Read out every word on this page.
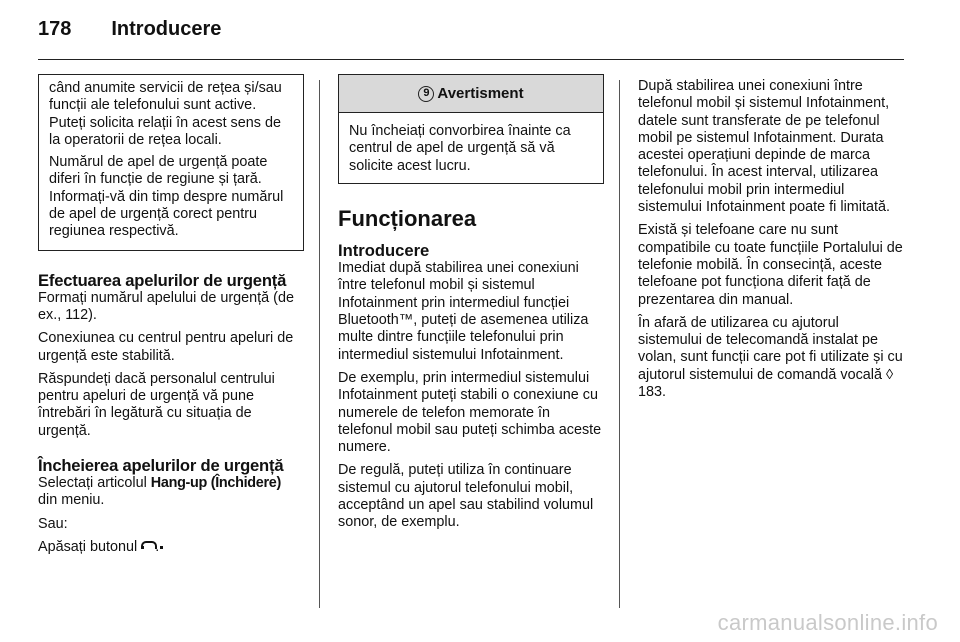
178 Introducere

când anumite servicii de rețea și/sau funcții ale telefonului sunt active. Puteți solicita relații în acest sens de la operatorii de rețea locali.

Numărul de apel de urgență poate diferi în funcție de regiune și țară. Informați-vă din timp despre numărul de apel de urgență corect pentru regiunea respectivă.

Efectuarea apelurilor de urgență

Formați numărul apelului de urgență (de ex., 112).

Conexiunea cu centrul pentru apeluri de urgență este stabilită.

Răspundeți dacă personalul centrului pentru apeluri de urgență vă pune întrebări în legătură cu situația de urgență.

Încheierea apelurilor de urgență

Selectați articolul Hang-up (Închidere) din meniu.

Sau:

Apăsați butonul .

9 Avertisment
Nu încheiați convorbirea înainte ca centrul de apel de urgență să vă solicite acest lucru.
Funcționarea
Introducere

Imediat după stabilirea unei conexiuni între telefonul mobil și sistemul Infotainment prin intermediul funcției Bluetooth™, puteți de asemenea utiliza multe dintre funcțiile telefonului prin intermediul sistemului Infotainment.

De exemplu, prin intermediul sistemului Infotainment puteți stabili o conexiune cu numerele de telefon memorate în telefonul mobil sau puteți schimba aceste numere.

De regulă, puteți utiliza în continuare sistemul cu ajutorul telefonului mobil, acceptând un apel sau stabilind volumul sonor, de exemplu.

După stabilirea unei conexiuni între telefonul mobil și sistemul Infotainment, datele sunt transferate de pe telefonul mobil pe sistemul Infotainment. Durata acestei operațiuni depinde de marca telefonului. În acest interval, utilizarea telefonului mobil prin intermediul sistemului Infotainment poate fi limitată.

Există și telefoane care nu sunt compatibile cu toate funcțiile Portalului de telefonie mobilă. În consecință, aceste telefoane pot funcționa diferit față de prezentarea din manual.

În afară de utilizarea cu ajutorul sistemului de telecomandă instalat pe volan, sunt funcții care pot fi utilizate și cu ajutorul sistemului de comandă vocală ◊ 183.

carmanualsonline.info
